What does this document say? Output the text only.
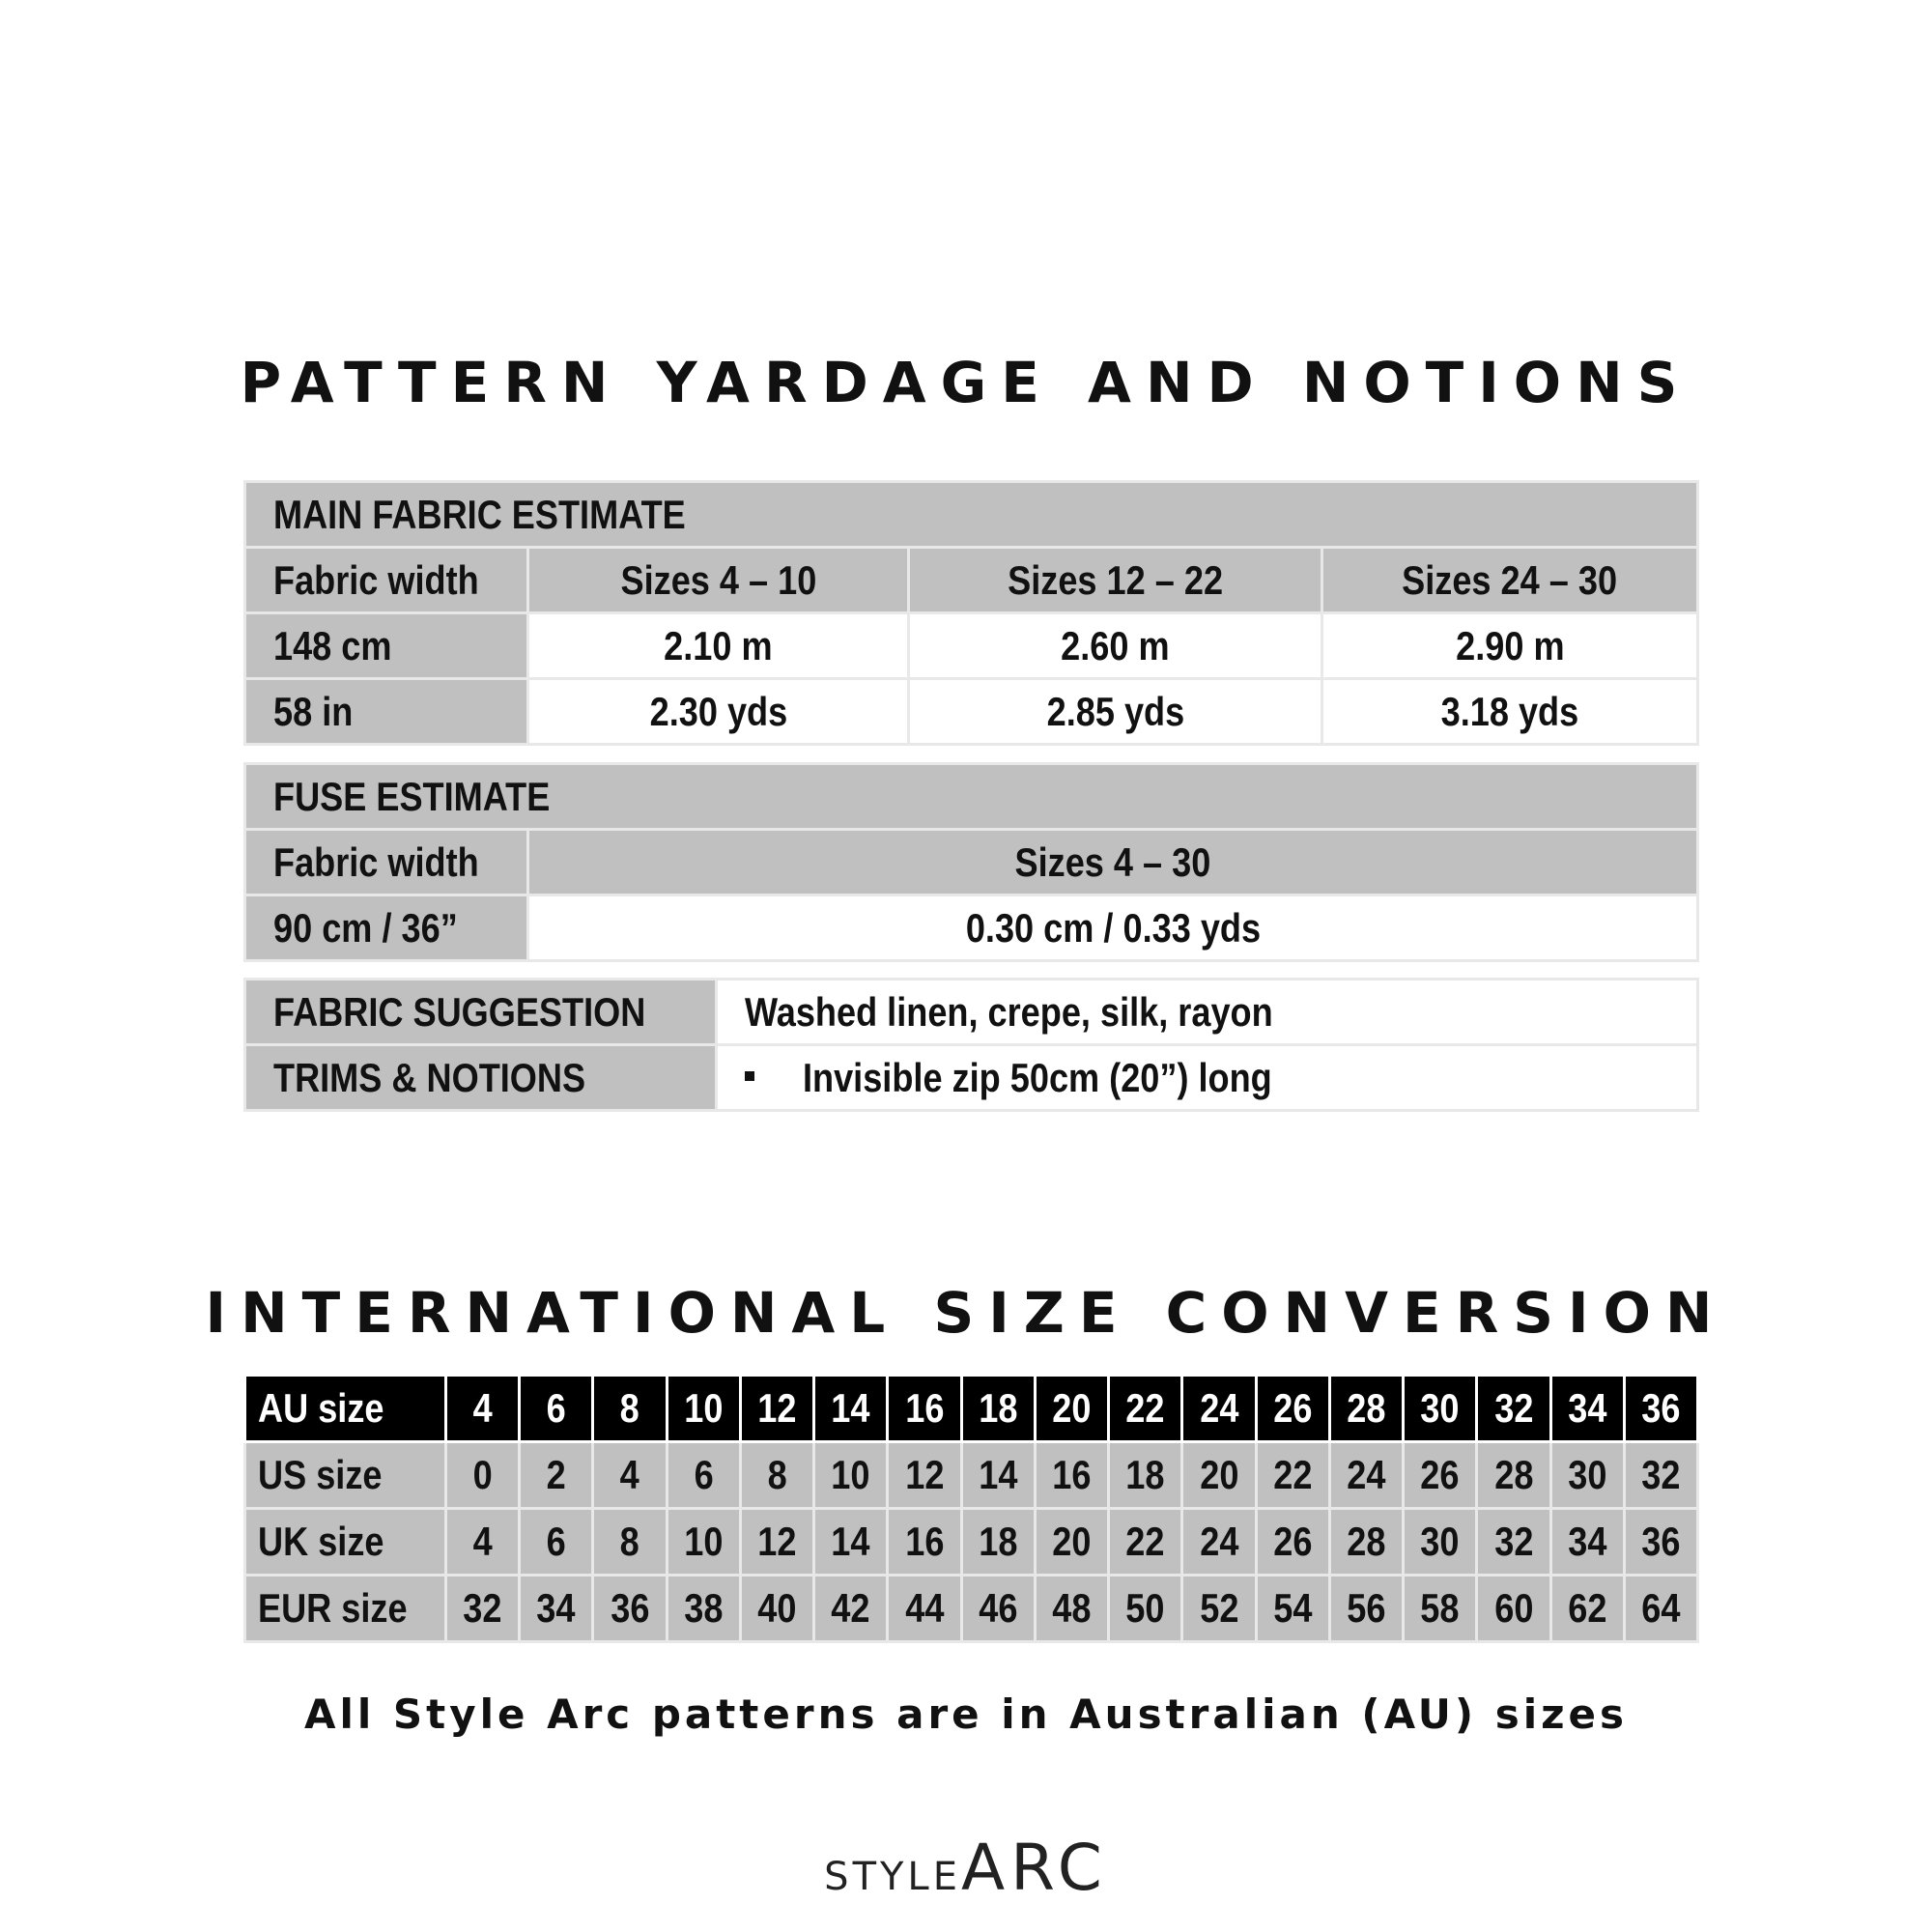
PATTERN YARDAGE AND NOTIONS
MAIN FABRIC ESTIMATE			
Fabric width	Sizes 4 – 10	Sizes 12 – 22	Sizes 24 – 30
148 cm	2.10 m	2.60 m	2.90 m
58 in	2.30 yds	2.85 yds	3.18 yds
FUSE ESTIMATE	
Fabric width	Sizes 4 – 30
90 cm / 36”	0.30 cm / 0.33 yds
FABRIC SUGGESTION	Washed linen, crepe, silk, rayon
TRIMS & NOTIONS	Invisible zip 50cm (20”) long
INTERNATIONAL SIZE CONVERSION
AU size	4	6	8	10	12	14	16	18	20	22	24	26	28	30	32	34	36
US size	0	2	4	6	8	10	12	14	16	18	20	22	24	26	28	30	32
UK size	4	6	8	10	12	14	16	18	20	22	24	26	28	30	32	34	36
EUR size	32	34	36	38	40	42	44	46	48	50	52	54	56	58	60	62	64
All Style Arc patterns are in Australian (AU) sizes
STYLEARC
